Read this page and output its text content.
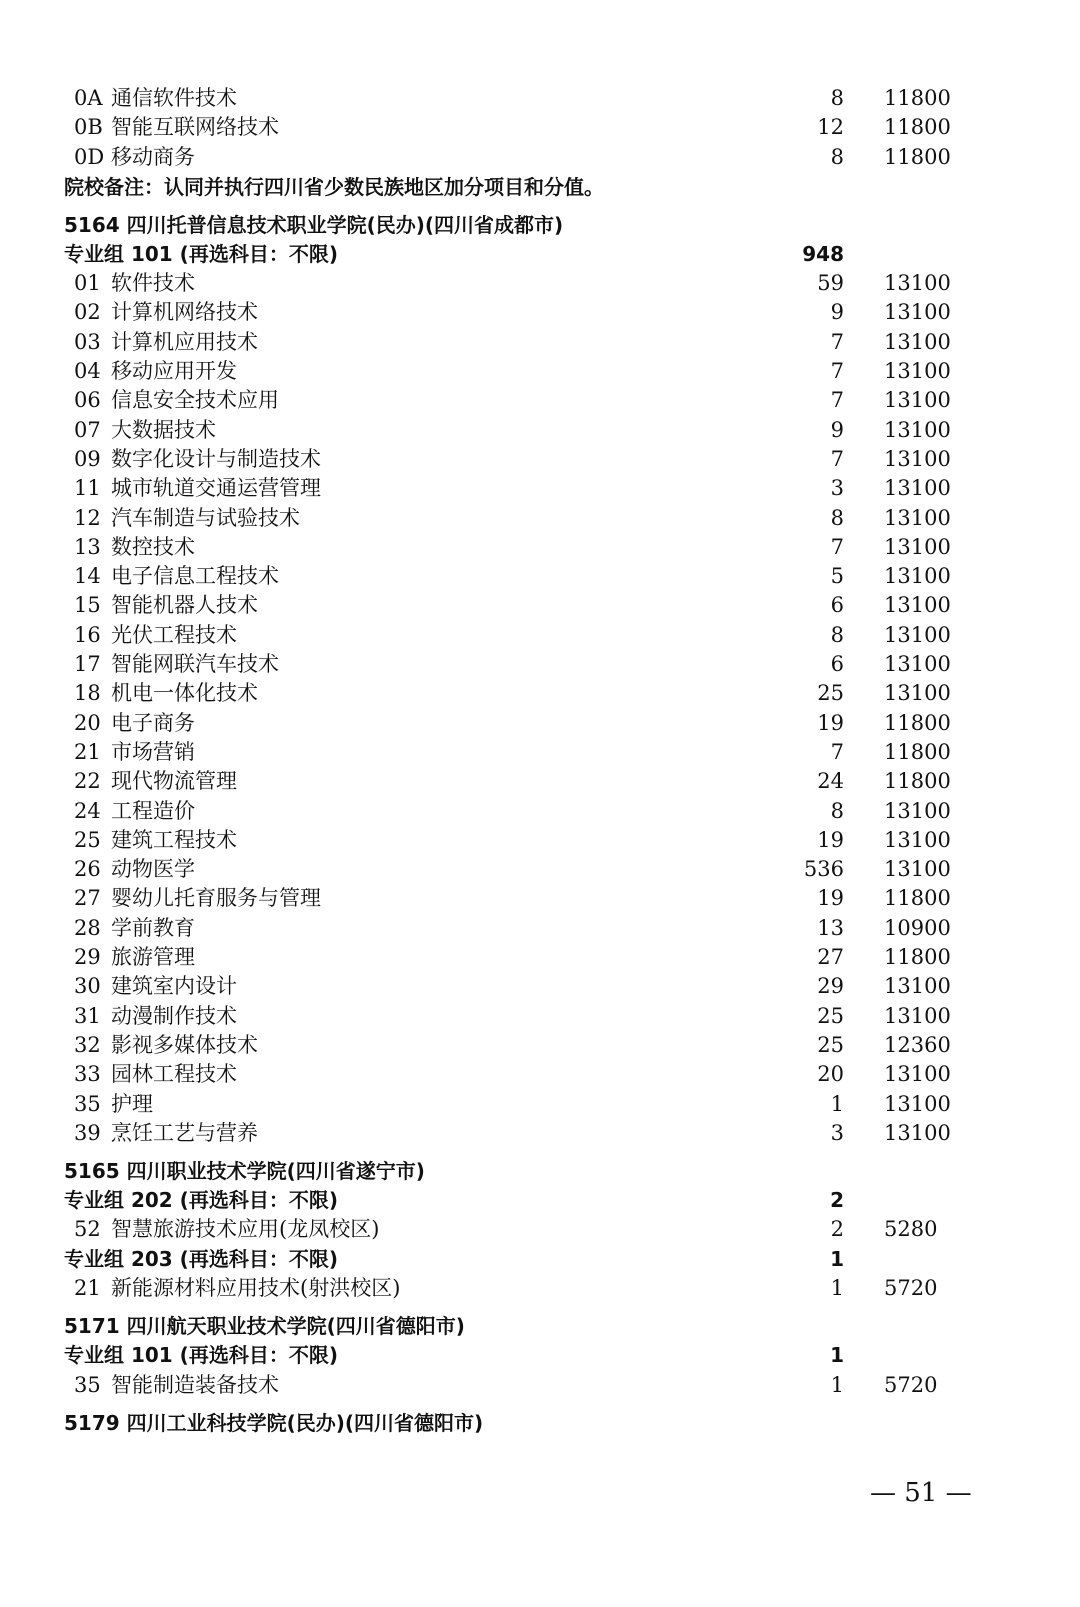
0A 通信软件技术	8 11800
0B 智能互联网络技术	12 11800
0D 移动商务	8 11800
院校备注：认同并执行四川省少数民族地区加分项目和分值。
5164 四川托普信息技术职业学院(民办)(四川省成都市)
专业组 101 (再选科目：不限)	948
01 软件技术	59 13100
02 计算机网络技术	9 13100
03 计算机应用技术	7 13100
04 移动应用开发	7 13100
06 信息安全技术应用	7 13100
07 大数据技术	9 13100
09 数字化设计与制造技术	7 13100
11 城市轨道交通运营管理	3 13100
12 汽车制造与试验技术	8 13100
13 数控技术	7 13100
14 电子信息工程技术	5 13100
15 智能机器人技术	6 13100
16 光伏工程技术	8 13100
17 智能网联汽车技术	6 13100
18 机电一体化技术	25 13100
20 电子商务	19 11800
21 市场营销	7 11800
22 现代物流管理	24 11800
24 工程造价	8 13100
25 建筑工程技术	19 13100
26 动物医学	536 13100
27 婴幼儿托育服务与管理	19 11800
28 学前教育	13 10900
29 旅游管理	27 11800
30 建筑室内设计	29 13100
31 动漫制作技术	25 13100
32 影视多媒体技术	25 12360
33 园林工程技术	20 13100
35 护理	1 13100
39 烹饪工艺与营养	3 13100
5165 四川职业技术学院(四川省遂宁市)
专业组 202 (再选科目：不限)	2
52 智慧旅游技术应用(龙凤校区)	2 5280
专业组 203 (再选科目：不限)	1
21 新能源材料应用技术(射洪校区)	1 5720
5171 四川航天职业技术学院(四川省德阳市)
专业组 101 (再选科目：不限)	1
35 智能制造装备技术	1 5720
5179 四川工业科技学院(民办)(四川省德阳市)
— 51 —
